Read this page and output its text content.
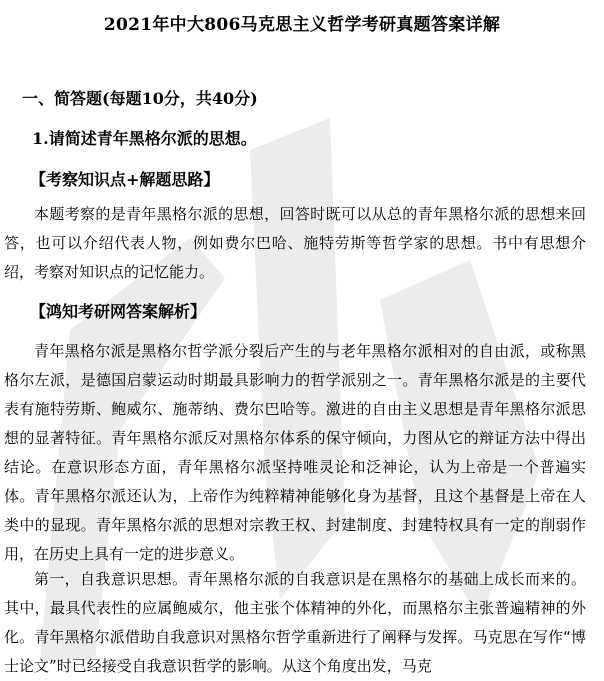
2021年中大806马克思主义哲学考研真题答案详解
一、简答题(每题10分，共40分)
1.请简述青年黑格尔派的思想。
【考察知识点+解题思路】

本题考察的是青年黑格尔派的思想，回答时既可以从总的青年黑格尔派的思想来回答，也可以介绍代表人物，例如费尔巴哈、施特劳斯等哲学家的思想。书中有思想介绍，考察对知识点的记忆能力。

【鸿知考研网答案解析】

青年黑格尔派是黑格尔哲学派分裂后产生的与老年黑格尔派相对的自由派，或称黑格尔左派，是德国启蒙运动时期最具影响力的哲学派别之一。青年黑格尔派是的主要代表有施特劳斯、鲍威尔、施蒂纳、费尔巴哈等。激进的自由主义思想是青年黑格尔派思想的显著特征。青年黑格尔派反对黑格尔体系的保守倾向，力图从它的辩证方法中得出结论。在意识形态方面，青年黑格尔派坚持唯灵论和泛神论，认为上帝是一个普遍实体。青年黑格尔派还认为，上帝作为纯粹精神能够化身为基督，且这个基督是上帝在人类中的显现。青年黑格尔派的思想对宗教王权、封建制度、封建特权具有一定的削弱作用，在历史上具有一定的进步意义。

第一，自我意识思想。青年黑格尔派的自我意识是在黑格尔的基础上成长而来的。其中，最具代表性的应属鲍威尔，他主张个体精神的外化，而黑格尔主张普遍精神的外化。青年黑格尔派借助自我意识对黑格尔哲学重新进行了阐释与发挥。马克思在写作“博士论文”时已经接受自我意识哲学的影响。从这个角度出发，马克
